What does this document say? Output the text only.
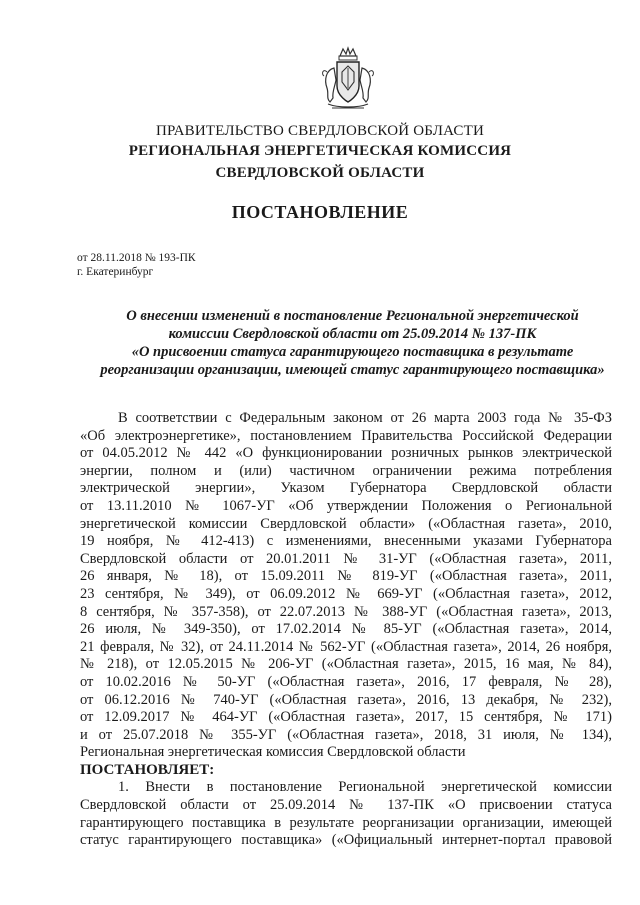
ПРАВИТЕЛЬСТВО СВЕРДЛОВСКОЙ ОБЛАСТИ
РЕГИОНАЛЬНАЯ ЭНЕРГЕТИЧЕСКАЯ КОМИССИЯ
СВЕРДЛОВСКОЙ ОБЛАСТИ
ПОСТАНОВЛЕНИЕ
от 28.11.2018 № 193-ПК
г. Екатеринбург
О внесении изменений в постановление Региональной энергетической
комиссии Свердловской области от 25.09.2014 № 137-ПК
«О присвоении статуса гарантирующего поставщика в результате
реорганизации организации, имеющей статус гарантирующего поставщика»
В соответствии с Федеральным законом от 26 марта 2003 года № 35-ФЗ
«Об электроэнергетике», постановлением Правительства Российской Федерации
от 04.05.2012 № 442 «О функционировании розничных рынков электрической
энергии, полном и (или) частичном ограничении режима потребления
электрической энергии», Указом Губернатора Свердловской области
от 13.11.2010 № 1067-УГ «Об утверждении Положения о Региональной
энергетической комиссии Свердловской области» («Областная газета», 2010,
19 ноября, № 412-413) с изменениями, внесенными указами Губернатора
Свердловской области от 20.01.2011 № 31-УГ («Областная газета», 2011,
26 января, № 18), от 15.09.2011 № 819-УГ («Областная газета», 2011,
23 сентября, № 349), от 06.09.2012 № 669-УГ («Областная газета», 2012,
8 сентября, № 357-358), от 22.07.2013 № 388-УГ («Областная газета», 2013,
26 июля, № 349-350), от 17.02.2014 № 85-УГ («Областная газета», 2014,
21 февраля, № 32), от 24.11.2014 № 562-УГ («Областная газета», 2014, 26 ноября,
№ 218), от 12.05.2015 № 206-УГ («Областная газета», 2015, 16 мая, № 84),
от 10.02.2016 № 50-УГ («Областная газета», 2016, 17 февраля, № 28),
от 06.12.2016 № 740-УГ («Областная газета», 2016, 13 декабря, № 232),
от 12.09.2017 № 464-УГ («Областная газета», 2017, 15 сентября, № 171)
и от 25.07.2018 № 355-УГ («Областная газета», 2018, 31 июля, № 134),
Региональная энергетическая комиссия Свердловской области
ПОСТАНОВЛЯЕТ:
1. Внести в постановление Региональной энергетической комиссии
Свердловской области от 25.09.2014 № 137-ПК «О присвоении статуса
гарантирующего поставщика в результате реорганизации организации, имеющей
статус гарантирующего поставщика» («Официальный интернет-портал правовой
